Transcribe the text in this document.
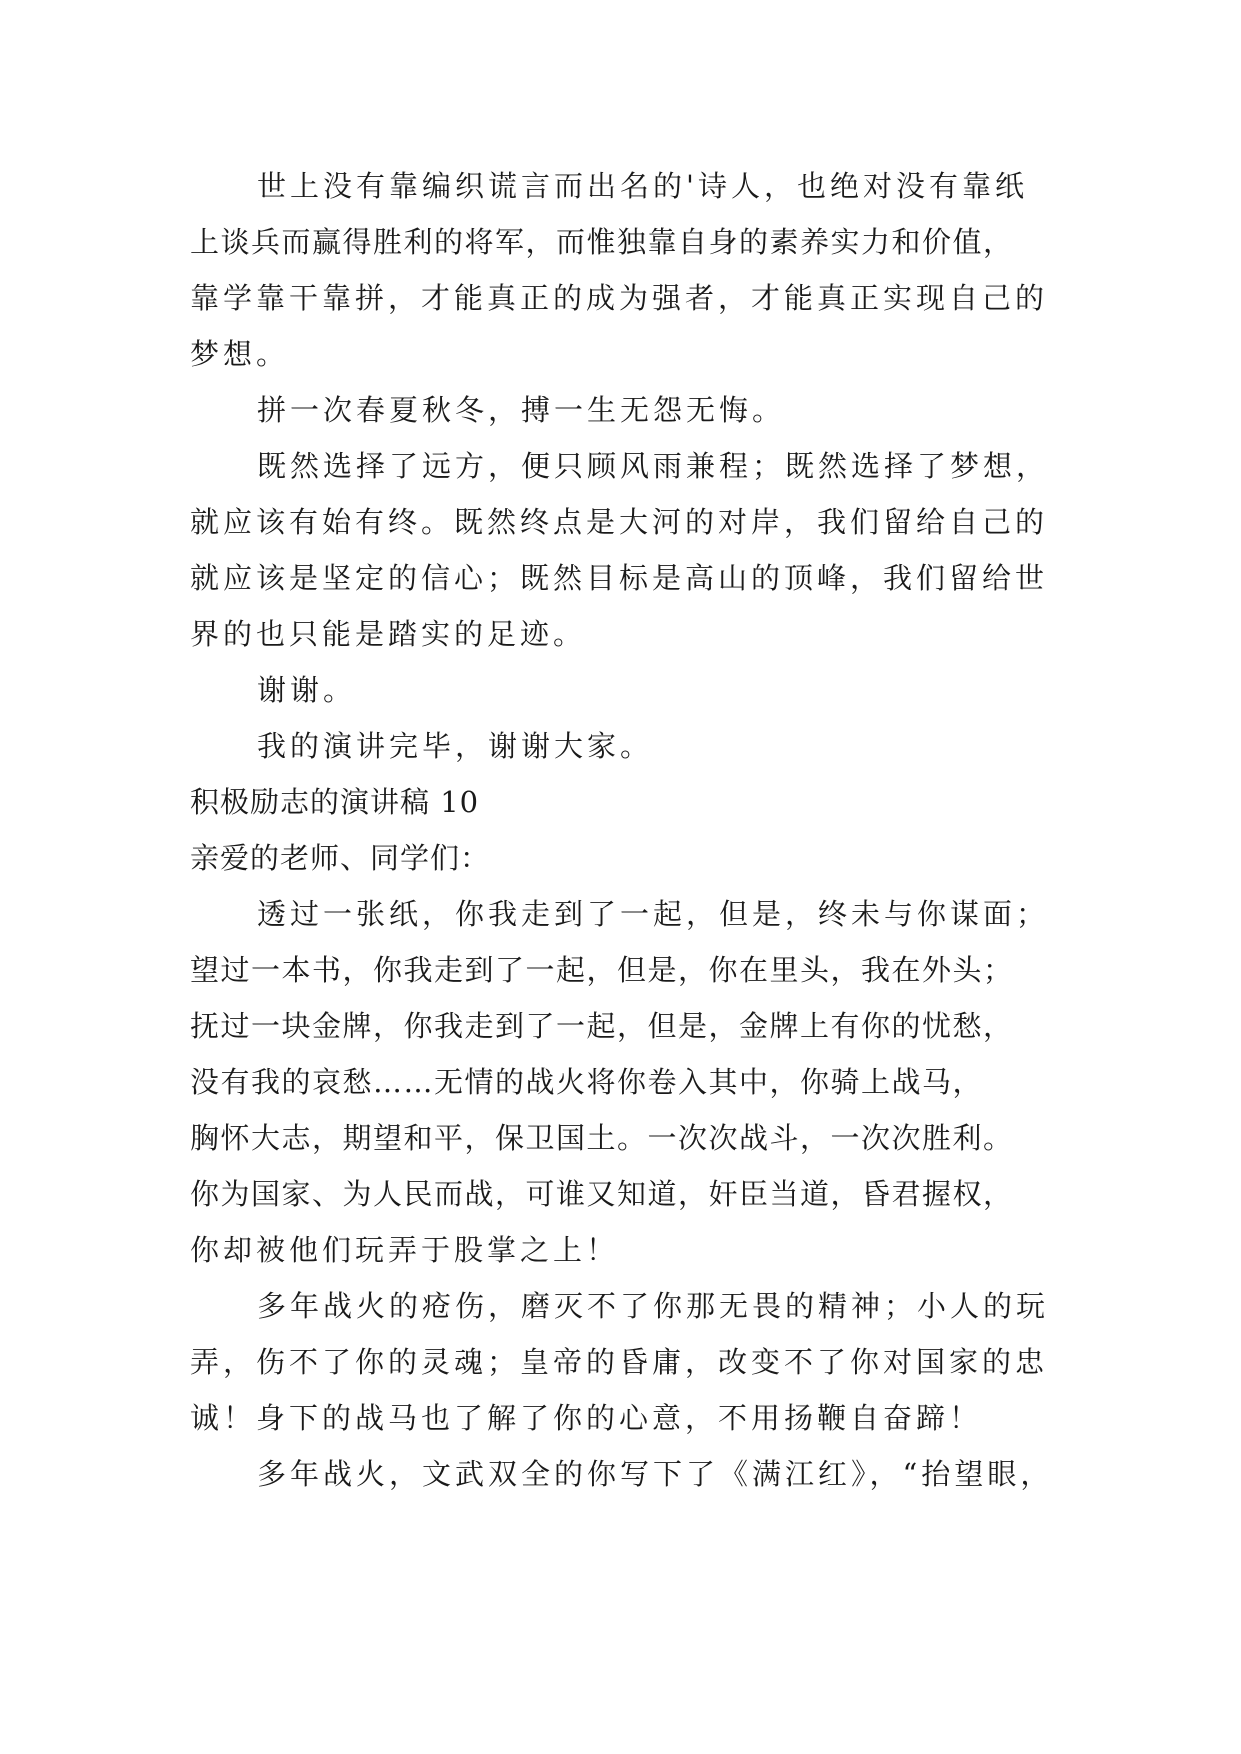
世上没有靠编织谎言而出名的'诗人，也绝对没有靠纸
上谈兵而赢得胜利的将军，而惟独靠自身的素养实力和价值，
靠学靠干靠拼，才能真正的成为强者，才能真正实现自己的
梦想。
拼一次春夏秋冬，搏一生无怨无悔。
既然选择了远方，便只顾风雨兼程；既然选择了梦想，
就应该有始有终。既然终点是大河的对岸，我们留给自己的
就应该是坚定的信心；既然目标是高山的顶峰，我们留给世
界的也只能是踏实的足迹。
谢谢。
我的演讲完毕，谢谢大家。
积极励志的演讲稿 10
亲爱的老师、同学们：
透过一张纸，你我走到了一起，但是，终未与你谋面；
望过一本书，你我走到了一起，但是，你在里头，我在外头；
抚过一块金牌，你我走到了一起，但是，金牌上有你的忧愁，
没有我的哀愁……无情的战火将你卷入其中，你骑上战马，
胸怀大志，期望和平，保卫国土。一次次战斗，一次次胜利。
你为国家、为人民而战，可谁又知道，奸臣当道，昏君握权，
你却被他们玩弄于股掌之上！
多年战火的疮伤，磨灭不了你那无畏的精神；小人的玩
弄，伤不了你的灵魂；皇帝的昏庸，改变不了你对国家的忠
诚！身下的战马也了解了你的心意，不用扬鞭自奋蹄！
多年战火，文武双全的你写下了《满江红》，“抬望眼，
